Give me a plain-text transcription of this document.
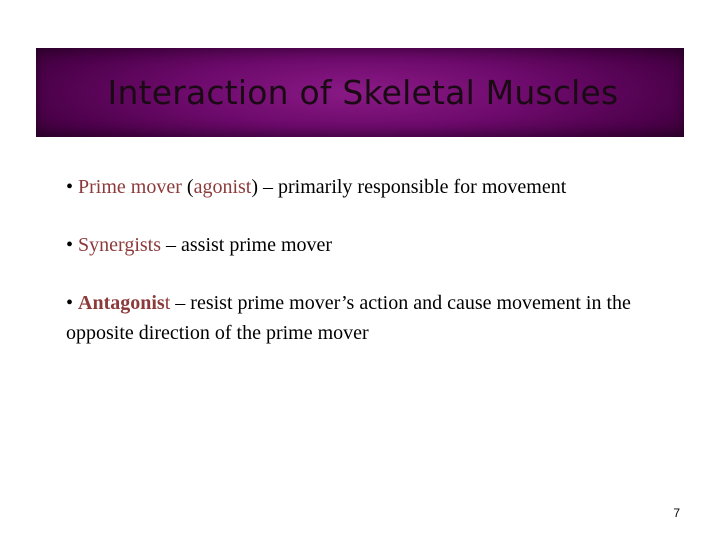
Interaction of Skeletal Muscles

• Prime mover (agonist) – primarily responsible for movement

• Synergists – assist prime mover

• Antagonist – resist prime mover’s action and cause movement in the opposite direction of the prime mover

7
